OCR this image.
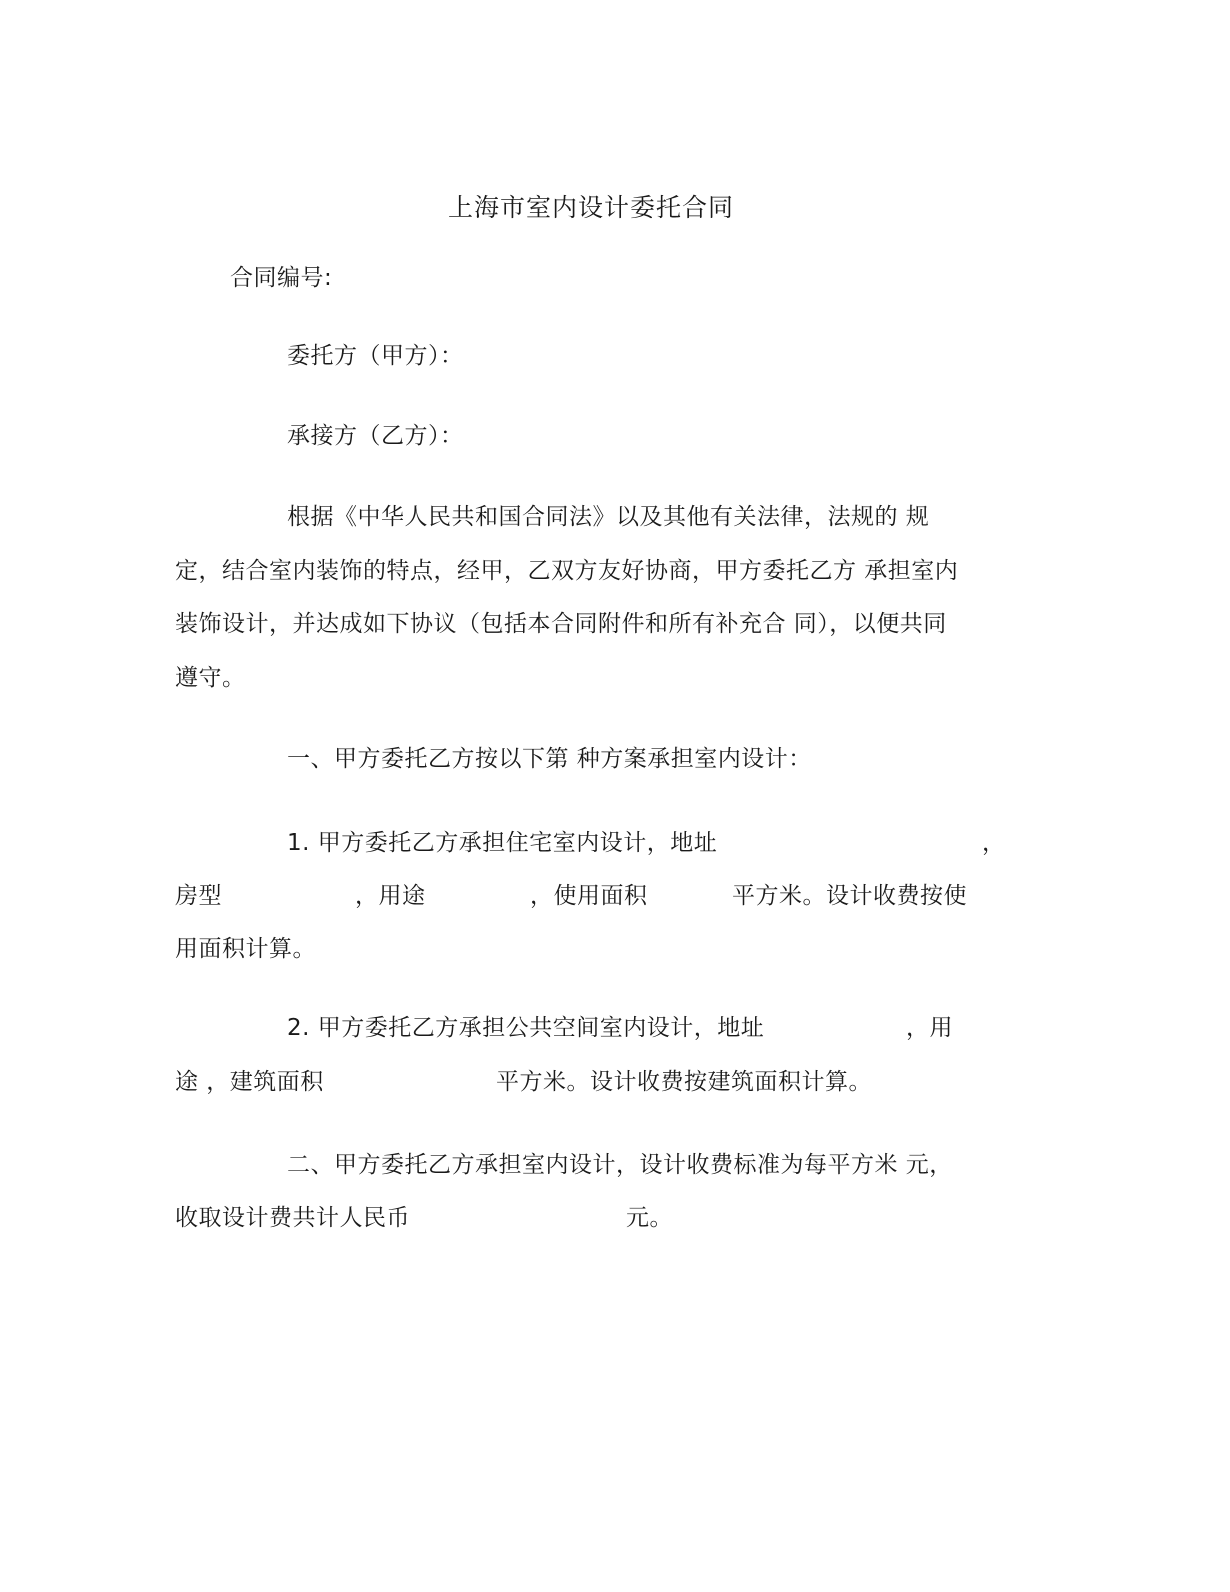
上海市室内设计委托合同
合同编号:
委托方（甲方）：
承接方（乙方）：
根据《中华人民共和国合同法》以及其他有关法律，法规的 规
定，结合室内装饰的特点，经甲，乙双方友好协商，甲方委托乙方 承担室内
装饰设计，并达成如下协议（包括本合同附件和所有补充合 同），以便共同
遵守。
一、甲方委托乙方按以下第 种方案承担室内设计：
1. 甲方委托乙方承担住宅室内设计，地址	，
房型	，用途	，使用面积	平方米。设计收费按使
用面积计算。
2. 甲方委托乙方承担公共空间室内设计，地址	，用
途 ，建筑面积	平方米。设计收费按建筑面积计算。
二、甲方委托乙方承担室内设计，设计收费标准为每平方米 元，
收取设计费共计人民币	元。
